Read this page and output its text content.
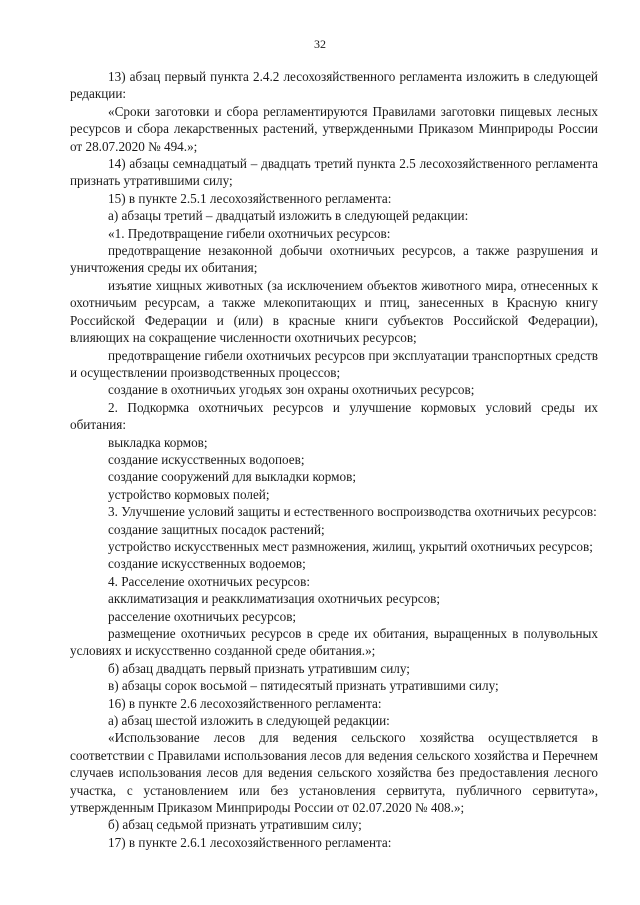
32

13) абзац первый пункта 2.4.2 лесохозяйственного регламента изложить в следующей редакции:

«Сроки заготовки и сбора регламентируются Правилами заготовки пищевых лесных ресурсов и сбора лекарственных растений, утвержденными Приказом Минприроды России от 28.07.2020 № 494.»;

14) абзацы семнадцатый – двадцать третий пункта 2.5 лесохозяйственного регламента признать утратившими силу;

15) в пункте 2.5.1 лесохозяйственного регламента:

а) абзацы третий – двадцатый изложить в следующей редакции:

«1. Предотвращение гибели охотничьих ресурсов:

предотвращение незаконной добычи охотничьих ресурсов, а также разрушения и уничтожения среды их обитания;

изъятие хищных животных (за исключением объектов животного мира, отнесенных к охотничьим ресурсам, а также млекопитающих и птиц, занесенных в Красную книгу Российской Федерации и (или) в красные книги субъектов Российской Федерации), влияющих на сокращение численности охотничьих ресурсов;

предотвращение гибели охотничьих ресурсов при эксплуатации транспортных средств и осуществлении производственных процессов;

создание в охотничьих угодьях зон охраны охотничьих ресурсов;

2. Подкормка охотничьих ресурсов и улучшение кормовых условий среды их обитания:

выкладка кормов;

создание искусственных водопоев;

создание сооружений для выкладки кормов;

устройство кормовых полей;

3. Улучшение условий защиты и естественного воспроизводства охотничьих ресурсов:

создание защитных посадок растений;

устройство искусственных мест размножения, жилищ, укрытий охотничьих ресурсов;

создание искусственных водоемов;

4. Расселение охотничьих ресурсов:

акклиматизация и реакклиматизация охотничьих ресурсов;

расселение охотничьих ресурсов;

размещение охотничьих ресурсов в среде их обитания, выращенных в полувольных условиях и искусственно созданной среде обитания.»;

б) абзац двадцать первый признать утратившим силу;

в) абзацы сорок восьмой – пятидесятый признать утратившими силу;

16) в пункте 2.6 лесохозяйственного регламента:

а) абзац шестой изложить в следующей редакции:

«Использование лесов для ведения сельского хозяйства осуществляется в соответствии с Правилами использования лесов для ведения сельского хозяйства и Перечнем случаев использования лесов для ведения сельского хозяйства без предоставления лесного участка, с установлением или без установления сервитута, публичного сервитута», утвержденным Приказом Минприроды России от 02.07.2020 № 408.»;

б) абзац седьмой признать утратившим силу;

17) в пункте 2.6.1 лесохозяйственного регламента:
